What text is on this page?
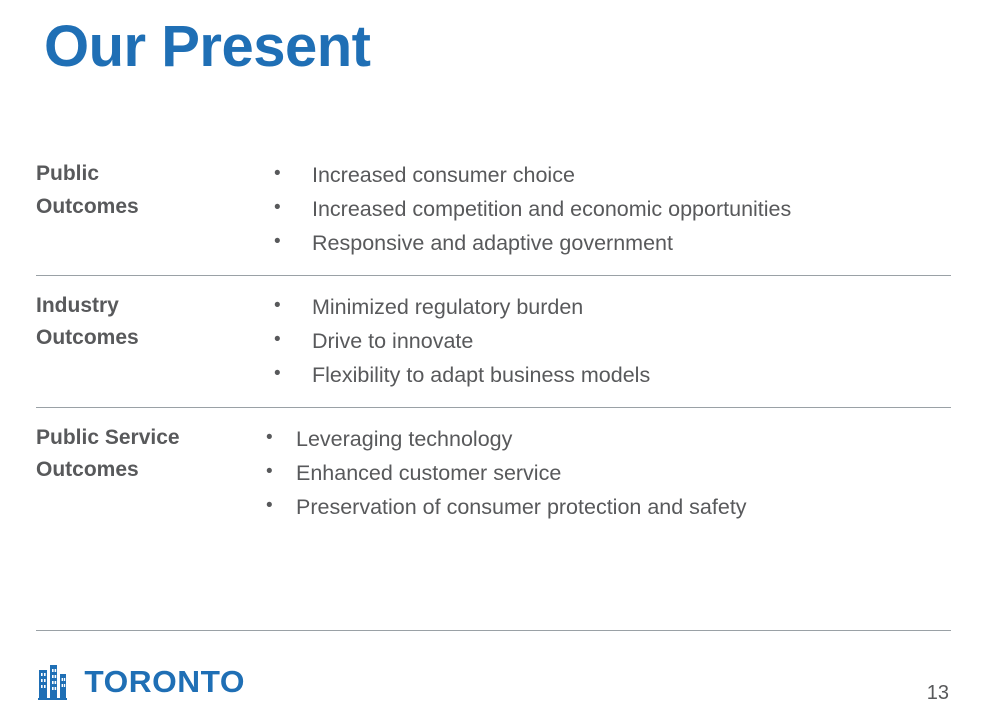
Our Present
Public
Outcomes
•	Increased consumer choice
•	Increased competition and economic opportunities
•	Responsive and adaptive government
Industry
Outcomes
•	Minimized regulatory burden
•	Drive to innovate
•	Flexibility to adapt business models
Public Service
Outcomes
•	Leveraging technology
•	Enhanced customer service
•	Preservation of consumer protection and safety
TORONTO	13
